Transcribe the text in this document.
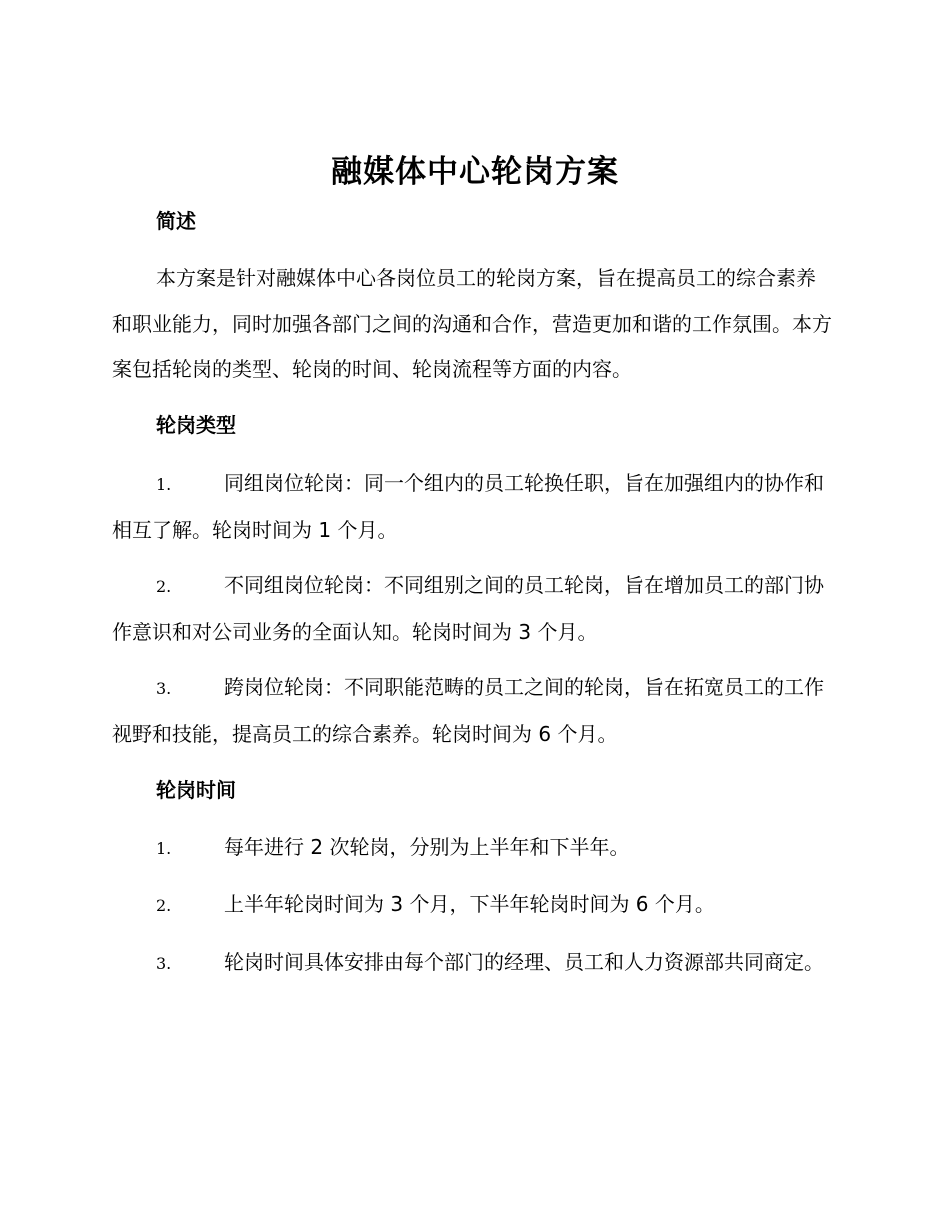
融媒体中心轮岗方案
简述

本方案是针对融媒体中心各岗位员工的轮岗方案，旨在提高员工的综合素养和职业能力，同时加强各部门之间的沟通和合作，营造更加和谐的工作氛围。本方案包括轮岗的类型、轮岗的时间、轮岗流程等方面的内容。

轮岗类型

1.	同组岗位轮岗：同一个组内的员工轮换任职，旨在加强组内的协作和相互了解。轮岗时间为 1 个月。

2.	不同组岗位轮岗：不同组别之间的员工轮岗，旨在增加员工的部门协作意识和对公司业务的全面认知。轮岗时间为 3 个月。

3.	跨岗位轮岗：不同职能范畴的员工之间的轮岗，旨在拓宽员工的工作视野和技能，提高员工的综合素养。轮岗时间为 6 个月。

轮岗时间

1.	每年进行 2 次轮岗，分别为上半年和下半年。

2.	上半年轮岗时间为 3 个月，下半年轮岗时间为 6 个月。

3.	轮岗时间具体安排由每个部门的经理、员工和人力资源部共同商定。
